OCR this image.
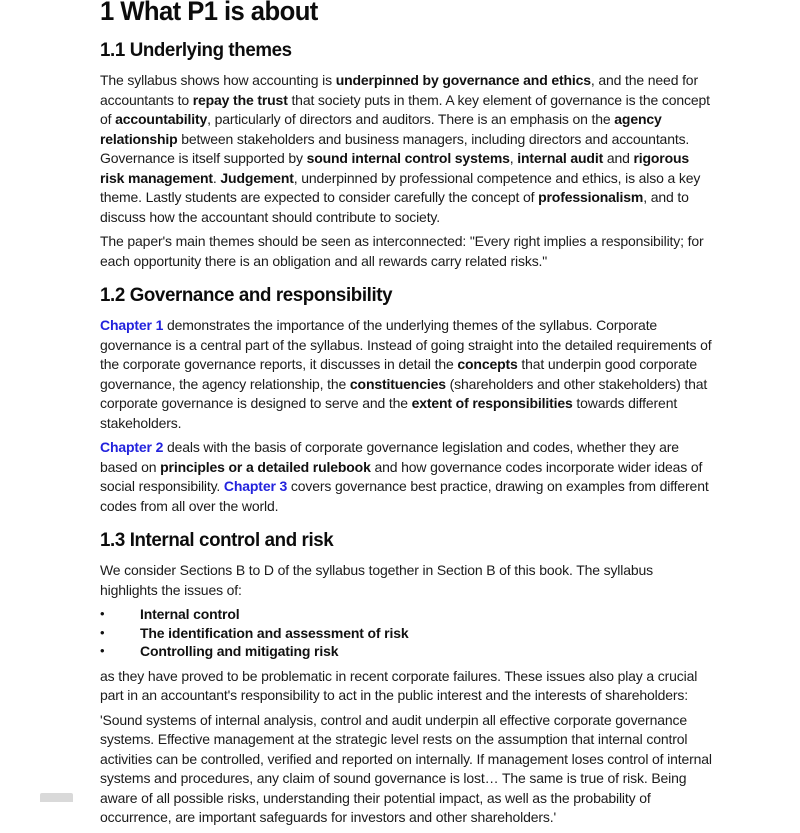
1 What P1 is about
1.1 Underlying themes

The syllabus shows how accounting is underpinned by governance and ethics, and the need for accountants to repay the trust that society puts in them. A key element of governance is the concept of accountability, particularly of directors and auditors. There is an emphasis on the agency relationship between stakeholders and business managers, including directors and accountants. Governance is itself supported by sound internal control systems, internal audit and rigorous risk management. Judgement, underpinned by professional competence and ethics, is also a key theme. Lastly students are expected to consider carefully the concept of professionalism, and to discuss how the accountant should contribute to society.

The paper's main themes should be seen as interconnected: "Every right implies a responsibility; for each opportunity there is an obligation and all rewards carry related risks."

1.2 Governance and responsibility

Chapter 1 demonstrates the importance of the underlying themes of the syllabus. Corporate governance is a central part of the syllabus. Instead of going straight into the detailed requirements of the corporate governance reports, it discusses in detail the concepts that underpin good corporate governance, the agency relationship, the constituencies (shareholders and other stakeholders) that corporate governance is designed to serve and the extent of responsibilities towards different stakeholders.

Chapter 2 deals with the basis of corporate governance legislation and codes, whether they are based on principles or a detailed rulebook and how governance codes incorporate wider ideas of social responsibility. Chapter 3 covers governance best practice, drawing on examples from different codes from all over the world.

1.3 Internal control and risk

We consider Sections B to D of the syllabus together in Section B of this book. The syllabus highlights the issues of:

•	Internal control
•	The identification and assessment of risk
•	Controlling and mitigating risk

as they have proved to be problematic in recent corporate failures. These issues also play a crucial part in an accountant's responsibility to act in the public interest and the interests of shareholders:

'Sound systems of internal analysis, control and audit underpin all effective corporate governance systems. Effective management at the strategic level rests on the assumption that internal control activities can be controlled, verified and reported on internally. If management loses control of internal systems and procedures, any claim of sound governance is lost… The same is true of risk. Being aware of all possible risks, understanding their potential impact, as well as the probability of occurrence, are important safeguards for investors and other shareholders.'
